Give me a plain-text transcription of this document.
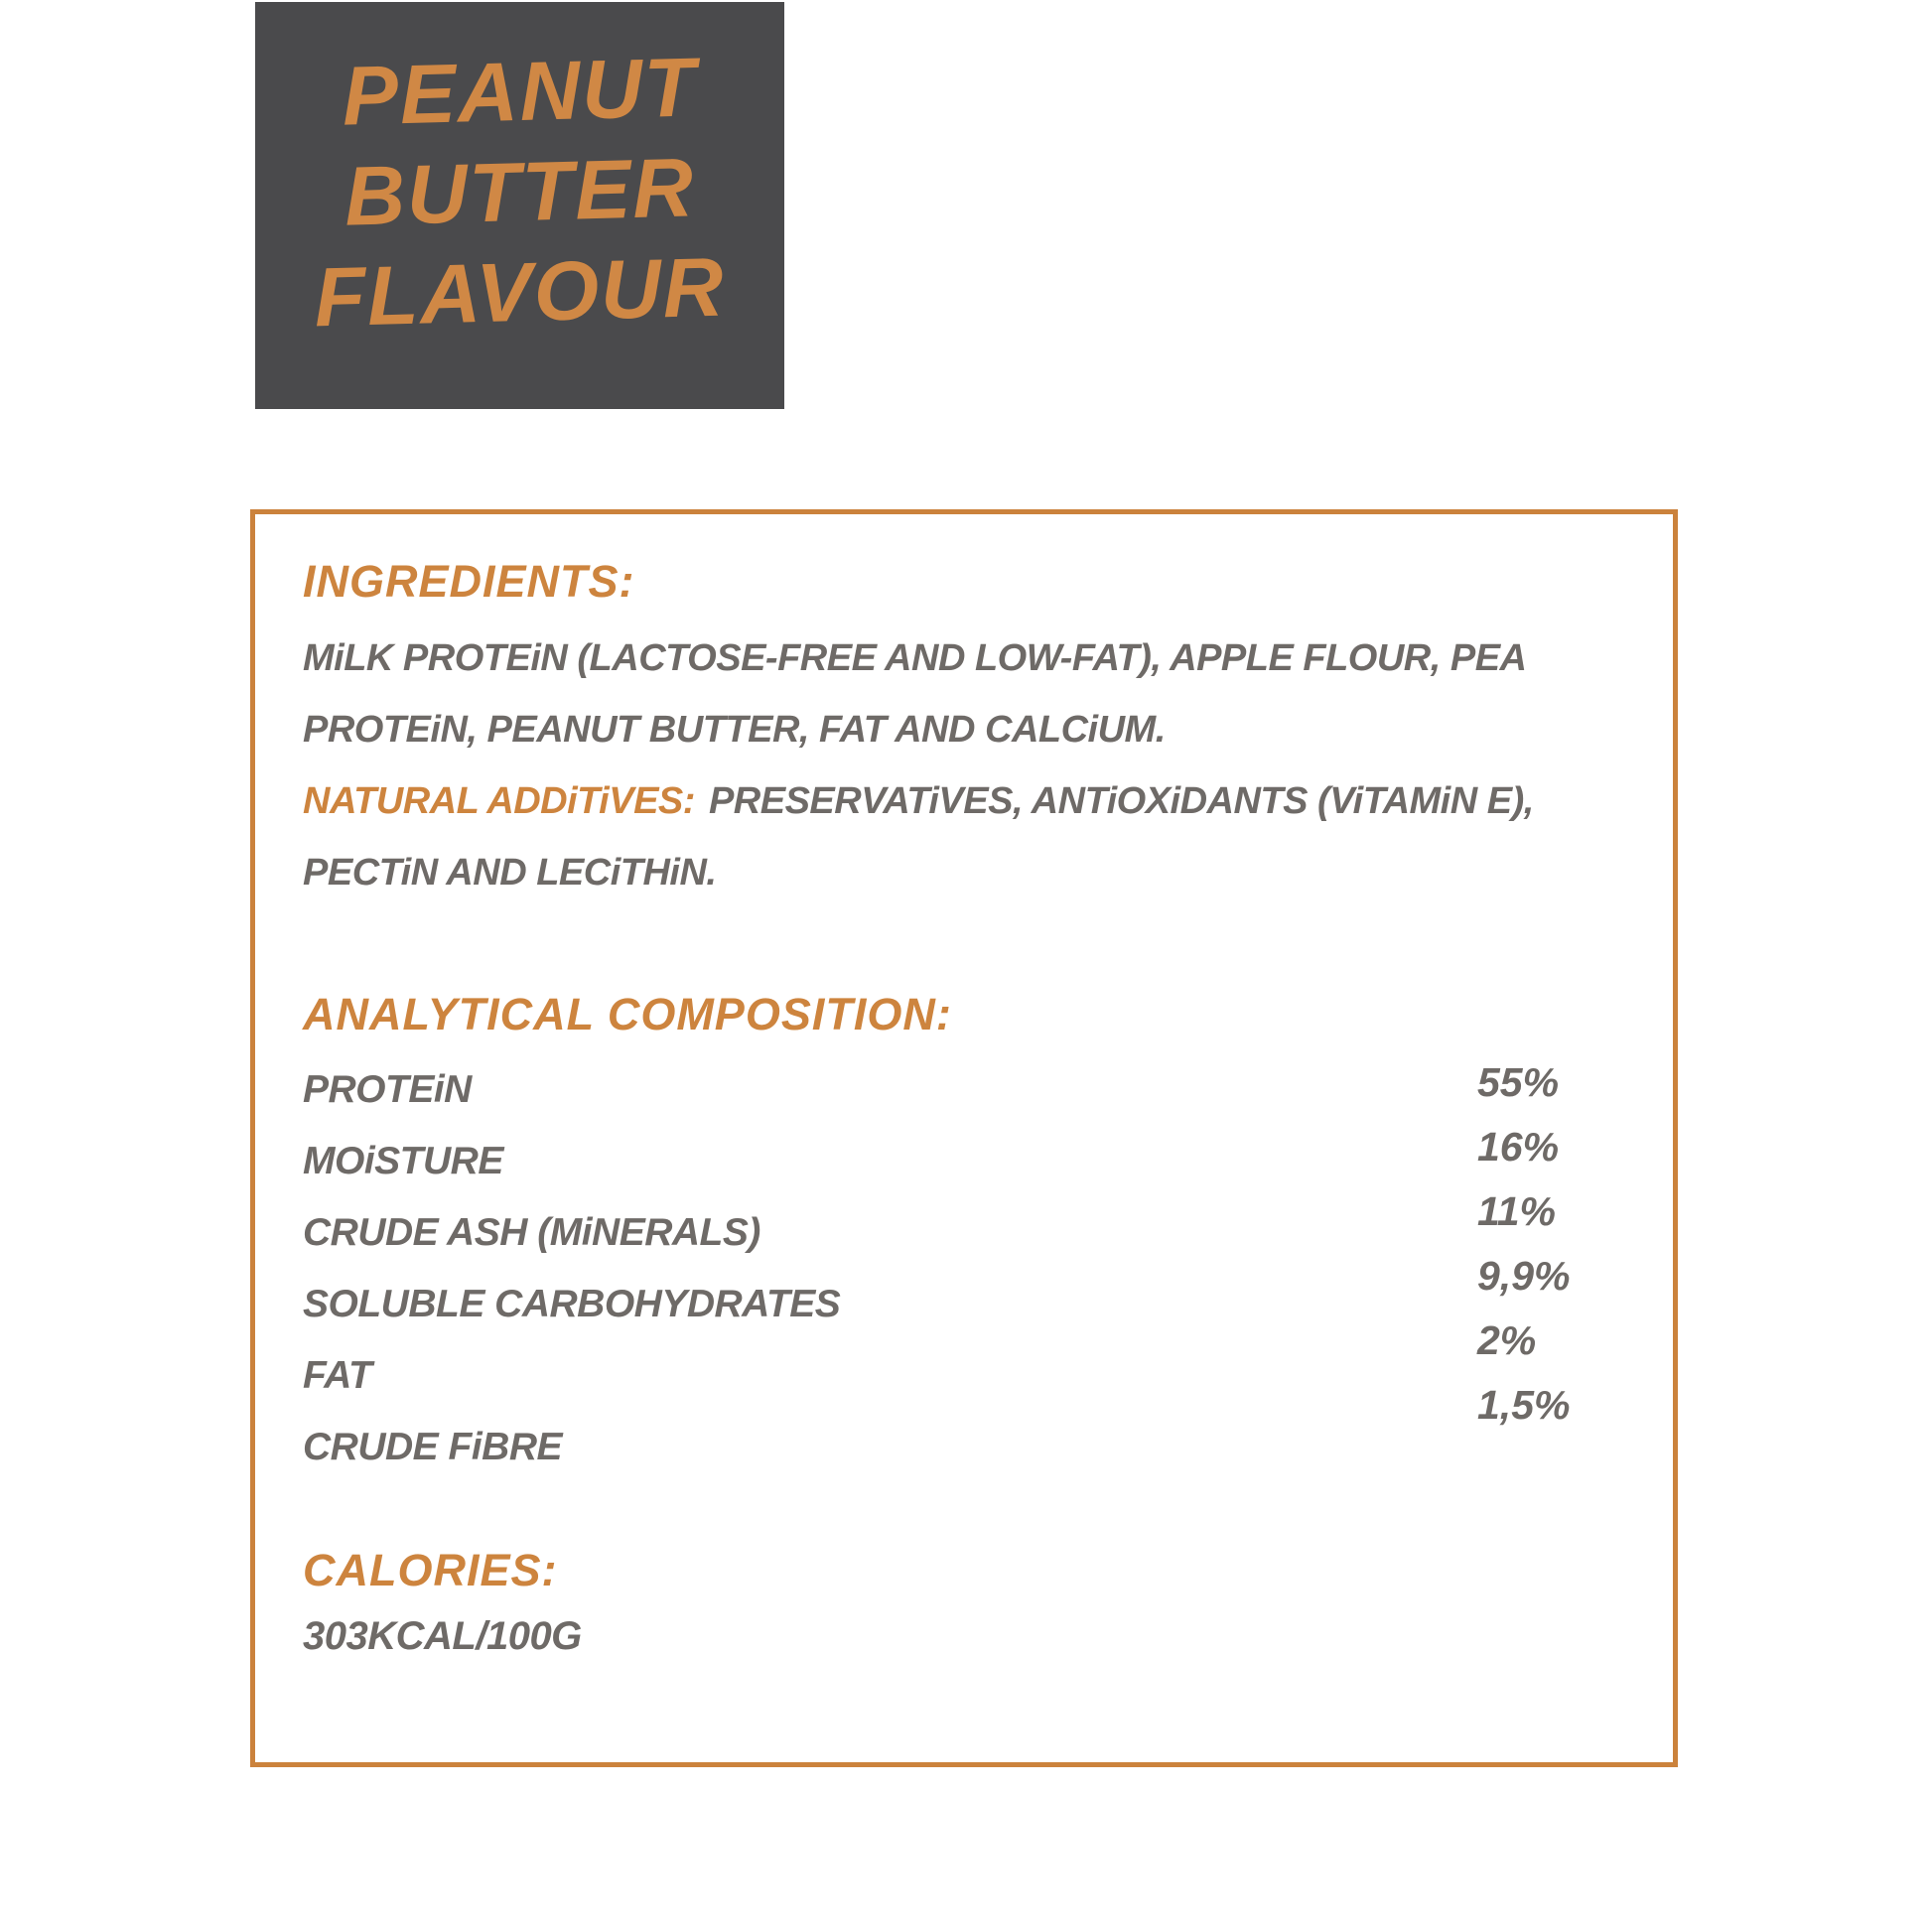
PEANUT
BUTTER
FLAVOUR
INGREDIENTS:
MiLK PROTEiN (LACTOSE-FREE AND LOW-FAT), APPLE FLOUR, PEA
PROTEiN, PEANUT BUTTER, FAT AND CALCiUM.
NATURAL ADDiTiVES: PRESERVATiVES, ANTiOXiDANTS (ViTAMiN E),
PECTiN AND LECiTHiN.
ANALYTICAL COMPOSITION:
PROTEiN
MOiSTURE
CRUDE ASH (MiNERALS)
SOLUBLE CARBOHYDRATES
FAT
CRUDE FiBRE
55%
16%
11%
9,9%
2%
1,5%
CALORIES:
303KCAL/100G
